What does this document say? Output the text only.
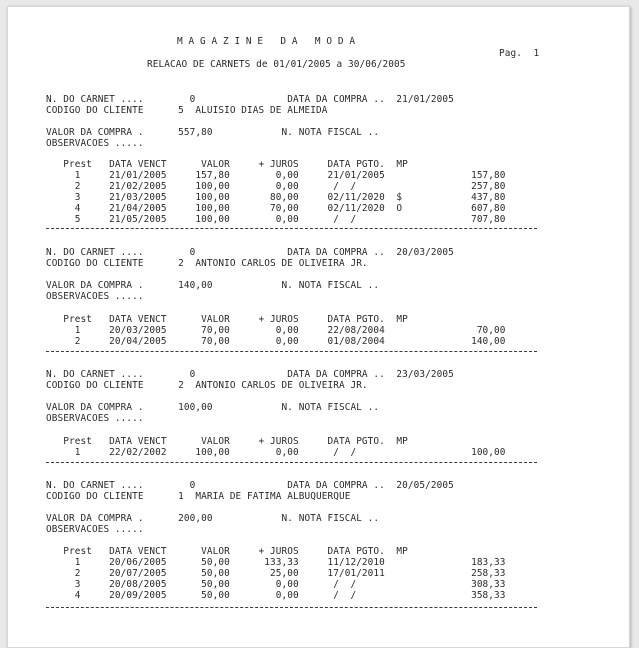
M A G A Z I N E   D A   M O D A
Pag.  1
RELACAO DE CARNETS de 01/01/2005 a 30/06/2005
N. DO CARNET ....        0                DATA DA COMPRA ..  21/01/2005
CODIGO DO CLIENTE      5  ALUISIO DIAS DE ALMEIDA
VALOR DA COMPRA .      557,80            N. NOTA FISCAL ..
OBSERVACOES .....
Prest   DATA VENCT      VALOR     + JUROS     DATA PGTO.  MP
1     21/01/2005     157,80        0,00     21/01/2005               157,80
2     21/02/2005     100,00        0,00      /  /                    257,80
3     21/03/2005     100,00       80,00     02/11/2020  $            437,80
4     21/04/2005     100,00       70,00     02/11/2020  O            607,80
5     21/05/2005     100,00        0,00      /  /                    707,80
N. DO CARNET ....        0                DATA DA COMPRA ..  20/03/2005
CODIGO DO CLIENTE      2  ANTONIO CARLOS DE OLIVEIRA JR.
VALOR DA COMPRA .      140,00            N. NOTA FISCAL ..
OBSERVACOES .....
Prest   DATA VENCT      VALOR     + JUROS     DATA PGTO.  MP
1     20/03/2005      70,00        0,00     22/08/2004                70,00
2     20/04/2005      70,00        0,00     01/08/2004               140,00
N. DO CARNET ....        0                DATA DA COMPRA ..  23/03/2005
CODIGO DO CLIENTE      2  ANTONIO CARLOS DE OLIVEIRA JR.
VALOR DA COMPRA .      100,00            N. NOTA FISCAL ..
OBSERVACOES .....
Prest   DATA VENCT      VALOR     + JUROS     DATA PGTO.  MP
1     22/02/2002     100,00        0,00      /  /                    100,00
N. DO CARNET ....        0                DATA DA COMPRA ..  20/05/2005
CODIGO DO CLIENTE      1  MARIA DE FATIMA ALBUQUERQUE
VALOR DA COMPRA .      200,00            N. NOTA FISCAL ..
OBSERVACOES .....
Prest   DATA VENCT      VALOR     + JUROS     DATA PGTO.  MP
1     20/06/2005      50,00      133,33     11/12/2010               183,33
2     20/07/2005      50,00       25,00     17/01/2011               258,33
3     20/08/2005      50,00        0,00      /  /                    308,33
4     20/09/2005      50,00        0,00      /  /                    358,33
